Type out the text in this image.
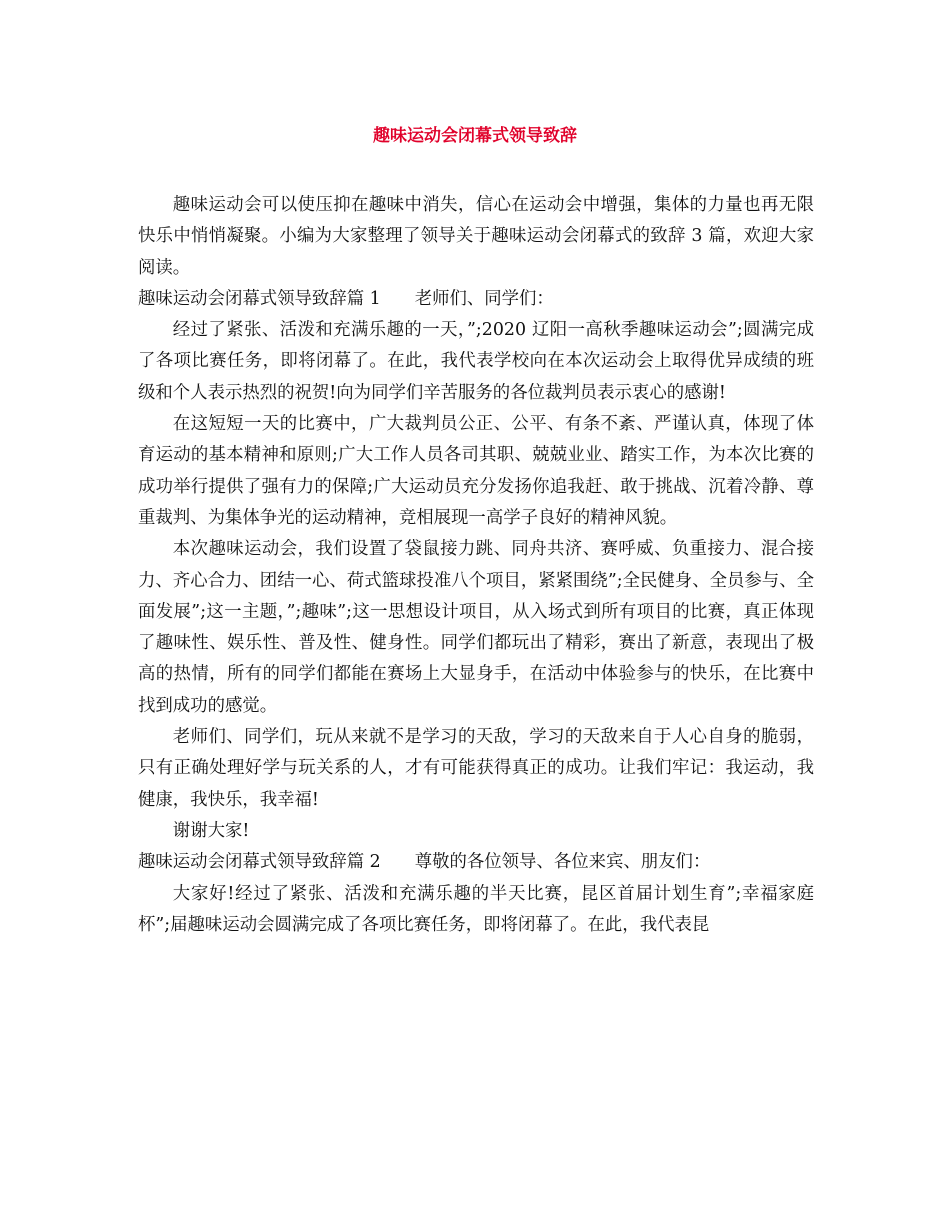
趣味运动会闭幕式领导致辞

趣味运动会可以使压抑在趣味中消失，信心在运动会中增强，集体的力量也再无限快乐中悄悄凝聚。小编为大家整理了领导关于趣味运动会闭幕式的致辞 3 篇，欢迎大家阅读。

趣味运动会闭幕式领导致辞篇 1 老师们、同学们：

经过了紧张、活泼和充满乐趣的一天，”;2020 辽阳一高秋季趣味运动会”;圆满完成了各项比赛任务，即将闭幕了。在此，我代表学校向在本次运动会上取得优异成绩的班级和个人表示热烈的祝贺!向为同学们辛苦服务的各位裁判员表示衷心的感谢!

在这短短一天的比赛中，广大裁判员公正、公平、有条不紊、严谨认真，体现了体育运动的基本精神和原则;广大工作人员各司其职、兢兢业业、踏实工作，为本次比赛的成功举行提供了强有力的保障;广大运动员充分发扬你追我赶、敢于挑战、沉着冷静、尊重裁判、为集体争光的运动精神，竞相展现一高学子良好的精神风貌。

本次趣味运动会，我们设置了袋鼠接力跳、同舟共济、赛呼威、负重接力、混合接力、齐心合力、团结一心、荷式篮球投准八个项目，紧紧围绕”;全民健身、全员参与、全面发展”;这一主题，”;趣味”;这一思想设计项目，从入场式到所有项目的比赛，真正体现了趣味性、娱乐性、普及性、健身性。同学们都玩出了精彩，赛出了新意，表现出了极高的热情，所有的同学们都能在赛场上大显身手，在活动中体验参与的快乐，在比赛中找到成功的感觉。

老师们、同学们，玩从来就不是学习的天敌，学习的天敌来自于人心自身的脆弱，只有正确处理好学与玩关系的人，才有可能获得真正的成功。让我们牢记：我运动，我健康，我快乐，我幸福!

谢谢大家!

趣味运动会闭幕式领导致辞篇 2 尊敬的各位领导、各位来宾、朋友们：

大家好!经过了紧张、活泼和充满乐趣的半天比赛，昆区首届计划生育”;幸福家庭杯”;届趣味运动会圆满完成了各项比赛任务，即将闭幕了。在此，我代表昆
